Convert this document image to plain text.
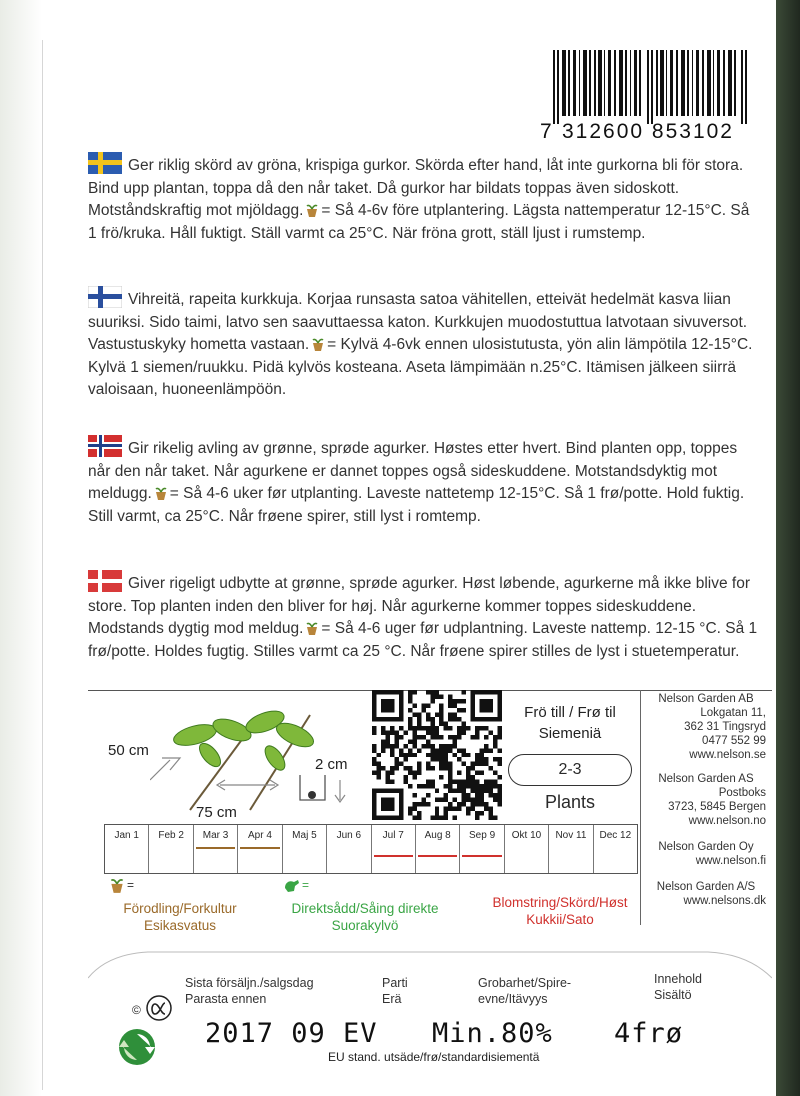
7 312600 853102
Ger riklig skörd av gröna, krispiga gurkor. Skörda efter hand, låt inte gurkorna bli för stora. Bind upp plantan, toppa då den når taket. Då gurkor har bildats toppas även sidoskott. Motståndskraftig mot mjöldagg. = Så 4-6v före utplantering. Lägsta nattemperatur 12-15°C. Så 1 frö/kruka. Håll fuktigt. Ställ varmt ca 25°C. När fröna grott, ställ ljust i rumstemp.
Vihreitä, rapeita kurkkuja. Korjaa runsasta satoa vähitellen, etteivät hedelmät kasva liian suuriksi. Sido taimi, latvo sen saavuttaessa katon. Kurkkujen muodostuttua latvotaan sivuversot. Vastustuskyky hometta vastaan. = Kylvä 4-6vk ennen ulosistutusta, yön alin lämpötila 12-15°C. Kylvä 1 siemen/ruukku. Pidä kylvös kosteana. Aseta lämpimään n.25°C. Itämisen jälkeen siirrä valoisaan, huoneenlämpöön.
Gir rikelig avling av grønne, sprøde agurker. Høstes etter hvert. Bind planten opp, toppes når den når taket. Når agurkene er dannet toppes også sideskuddene. Motstandsdyktig mot meldugg. = Så 4-6 uker før utplanting. Laveste nattetemp 12-15°C. Så 1 frø/potte. Hold fuktig. Still varmt, ca 25°C. Når frøene spirer, still lyst i romtemp.
Giver rigeligt udbytte at grønne, sprøde agurker. Høst løbende, agurkerne må ikke blive for store. Top planten inden den bliver for høj. Når agurkerne kommer toppes sideskuddene. Modstands dygtig mod meldug. = Så 4-6 uger før udplantning. Laveste nattemp. 12-15 °C. Så 1 frø/potte. Holdes fugtig. Stilles varmt ca 25 °C. Når frøene spirer stilles de lyst i stuetemperatur.
50 cm
75 cm
2 cm
Frö till / Frø til Siemeniä
2-3
Plants
Jan 1	Feb 2	Mar 3	Apr 4	Maj 5	Jun 6	Jul 7	Aug 8	Sep 9	Okt 10	Nov 11	Dec 12
=
Förodling/Forkultur
Esikasvatus
=
Direktsådd/Såing direkte
Suorakylvö
Blomstring/Skörd/Høst
Kukkii/Sato
Nelson Garden AB
Lokgatan 11,
362 31 Tingsryd
0477 552 99
www.nelson.se
Nelson Garden AS
Postboks
3723, 5845 Bergen
www.nelson.no
Nelson Garden Oy
www.nelson.fi
Nelson Garden A/S
www.nelsons.dk
Sista försäljn./salgsdag
Parasta ennen
Parti
Erä
Grobarhet/Spire-
evne/Itävyys
Innehold
Sisältö
©
2017 09 EV Min.80% 4frø
EU stand. utsäde/frø/standardisiementä
